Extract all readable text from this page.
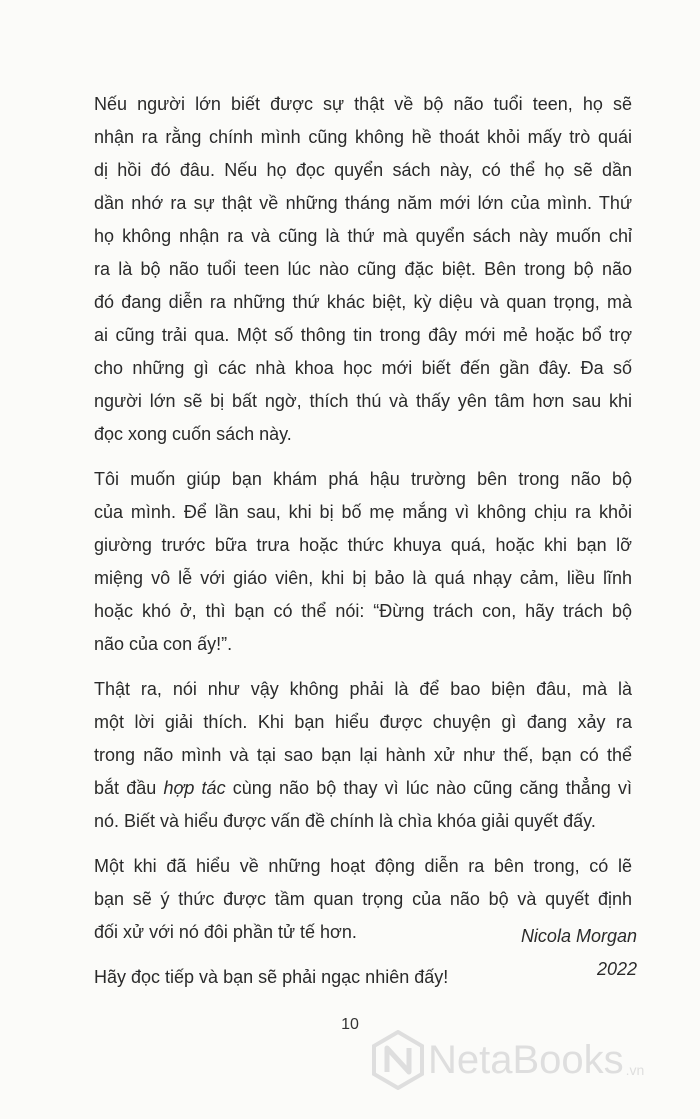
Nếu người lớn biết được sự thật về bộ não tuổi teen, họ sẽ
nhận ra rằng chính mình cũng không hề thoát khỏi mấy trò quái
dị hồi đó đâu. Nếu họ đọc quyển sách này, có thể họ sẽ dần
dần nhớ ra sự thật về những tháng năm mới lớn của mình. Thứ
họ không nhận ra và cũng là thứ mà quyển sách này muốn chỉ
ra là bộ não tuổi teen lúc nào cũng đặc biệt. Bên trong bộ não
đó đang diễn ra những thứ khác biệt, kỳ diệu và quan trọng, mà
ai cũng trải qua. Một số thông tin trong đây mới mẻ hoặc bổ trợ
cho những gì các nhà khoa học mới biết đến gần đây. Đa số
người lớn sẽ bị bất ngờ, thích thú và thấy yên tâm hơn sau khi
đọc xong cuốn sách này.

Tôi muốn giúp bạn khám phá hậu trường bên trong não bộ
của mình. Để lần sau, khi bị bố mẹ mắng vì không chịu ra khỏi
giường trước bữa trưa hoặc thức khuya quá, hoặc khi bạn lỡ
miệng vô lễ với giáo viên, khi bị bảo là quá nhạy cảm, liều lĩnh
hoặc khó ở, thì bạn có thể nói: “Đừng trách con, hãy trách bộ
não của con ấy!”.

Thật ra, nói như vậy không phải là để bao biện đâu, mà là
một lời giải thích. Khi bạn hiểu được chuyện gì đang xảy ra
trong não mình và tại sao bạn lại hành xử như thế, bạn có thể
bắt đầu hợp tác cùng não bộ thay vì lúc nào cũng căng thẳng vì
nó. Biết và hiểu được vấn đề chính là chìa khóa giải quyết đấy.

Một khi đã hiểu về những hoạt động diễn ra bên trong, có lẽ
bạn sẽ ý thức được tầm quan trọng của não bộ và quyết định
đối xử với nó đôi phần tử tế hơn.

Hãy đọc tiếp và bạn sẽ phải ngạc nhiên đấy!

Nicola Morgan
2022
10
NetaBooks .vn
